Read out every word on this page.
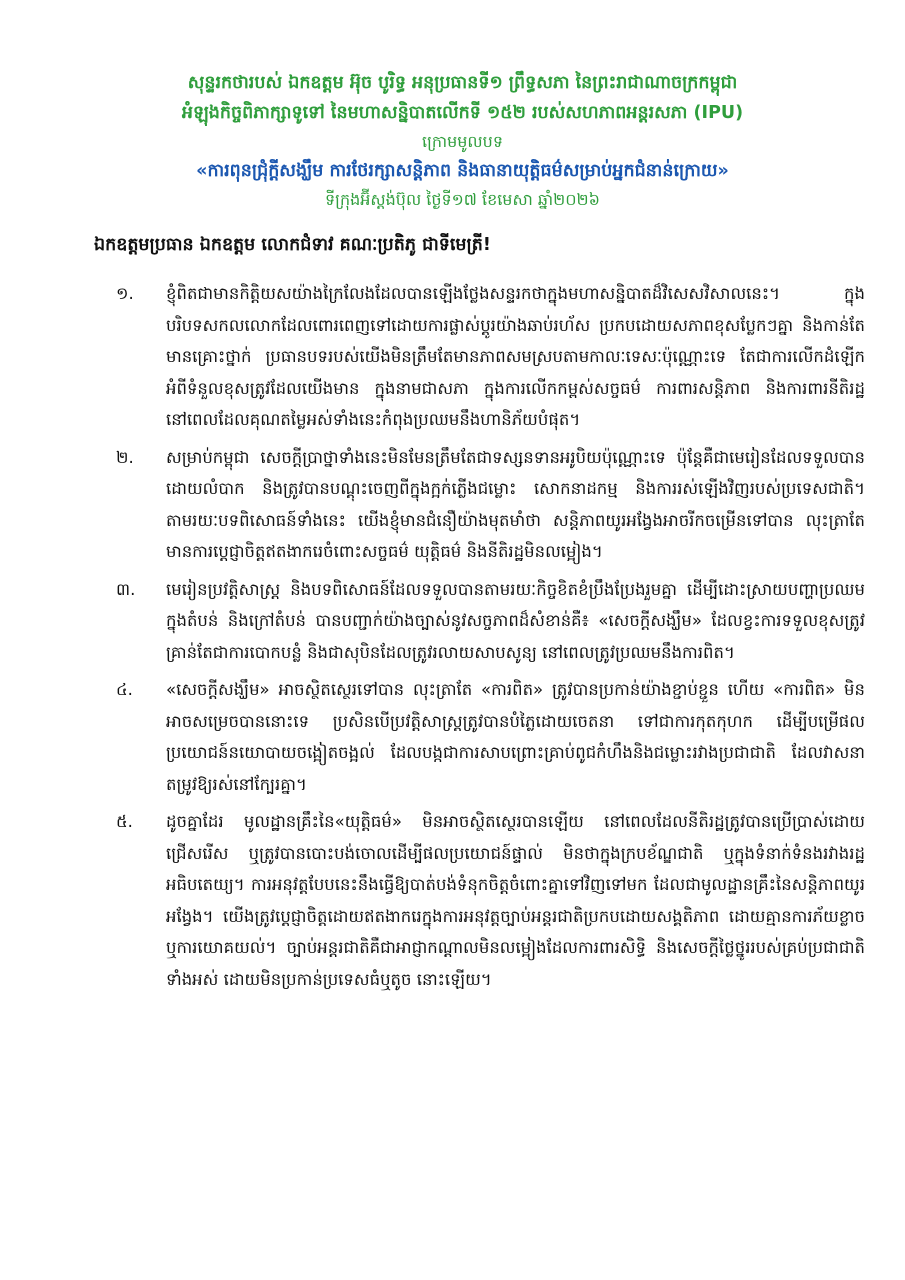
សុន្ទរកថារបស់ ឯកឧត្តម អ៊ុច បូរិទ្ធ អនុប្រធានទី១ ព្រឹទ្ធសភា នៃព្រះរាជាណាចក្រកម្ពុជា

អំឡុងកិច្ចពិភាក្សាទូទៅ នៃមហាសន្និបាតលើកទី ១៥២ របស់សហភាពអន្តរសភា (IPU)

ក្រោមមូលបទ

«ការពុនជ្រុំក្តីសង្ឃឹម ការថែរក្សាសន្តិភាព និងធានាយុត្តិធម៌សម្រាប់អ្នកជំនាន់ក្រោយ»

ទីក្រុងអ៊ីស្តង់ប៊ុល ថ្ងៃទី១៧ ខែមេសា ឆ្នាំ២០២៦

ឯកឧត្តមប្រធាន ឯកឧត្តម លោកជំទាវ គណៈប្រតិភូ ជាទីមេត្រី!

១.	ខ្ញុំពិតជាមានកិត្តិយសយ៉ាងក្រៃលែងដែលបានឡើងថ្លែងសន្ទរកថាក្នុងមហាសន្និបាតដ៏វិសេសវិសាលនេះ។ ក្នុងបរិបទសកលលោកដែលពោរពេញទៅដោយការផ្លាស់ប្តូរយ៉ាងឆាប់រហ័ស ប្រកបដោយសភាពខុសប្លែកៗគ្នា និងកាន់តែមានគ្រោះថ្នាក់ ប្រធានបទរបស់យើងមិនត្រឹមតែមានភាពសមស្របតាមកាលៈទេសៈប៉ុណ្ណោះទេ តែជាការលើកដំឡើកអំពីទំនួលខុសត្រូវដែលយើងមាន ក្នុងនាមជាសភា ក្នុងការលើកកម្ពស់សច្ចធម៌ ការពារសន្តិភាព និងការពារនីតិរដ្ឋ នៅពេលដែលគុណតម្លៃអស់ទាំងនេះកំពុងប្រឈមនឹងហានិភ័យបំផុត។

២.	សម្រាប់កម្ពុជា សេចក្តីប្រាថ្នាទាំងនេះមិនមែនត្រឹមតែជាទស្សនទានអរូបិយប៉ុណ្ណោះទេ ប៉ុន្តែគឺជាមេរៀនដែលទទួលបានដោយលំបាក និងត្រូវបានបណ្តុះចេញពីក្នុងក្អក់ភ្លើងជម្លោះ សោកនាដកម្ម និងការរស់ឡើងវិញរបស់ប្រទេសជាតិ។ តាមរយៈបទពិសោធន៍ទាំងនេះ យើងខ្ញុំមានជំនឿយ៉ាងមុតមាំថា សន្តិភាពយូរអង្វែងអាចរីកចម្រើនទៅបាន លុះត្រាតែមានការប្តេជ្ញាចិត្តឥតងាករេចំពោះសច្ចធម៌ យុត្តិធម៌ និងនីតិរដ្ឋមិនលម្អៀង។

៣.	មេរៀនប្រវត្តិសាស្ត្រ និងបទពិសោធន៍ដែលទទួលបានតាមរយៈកិច្ចខិតខំប្រឹងប្រែងរួមគ្នា ដើម្បីដោះស្រាយបញ្ហាប្រឈមក្នុងតំបន់ និងក្រៅតំបន់ បានបញ្ជាក់យ៉ាងច្បាស់នូវសច្ចភាពដ៏សំខាន់គឺ៖ «សេចក្តីសង្ឃឹម» ដែលខ្វះការទទួលខុសត្រូវ គ្រាន់តែជាការបោកបន្លំ និងជាសុបិនដែលត្រូវរលាយសាបសូន្យ នៅពេលត្រូវប្រឈមនឹងការពិត។

៤.	«សេចក្តីសង្ឃឹម» អាចស្ថិតស្ថេរទៅបាន លុះត្រាតែ «ការពិត» ត្រូវបានប្រកាន់យ៉ាងខ្ជាប់ខ្ជួន ហើយ «ការពិត» មិនអាចសម្រេចបាននោះទេ ប្រសិនបើប្រវត្តិសាស្ត្រត្រូវបានបំភ្លៃដោយចេតនា ទៅជាការកុតកុហក ដើម្បីបម្រើផលប្រយោជន៍នយោបាយចង្អៀតចង្អល់ ដែលបង្កជាការសាបព្រោះគ្រាប់ពូជកំហឹងនិងជម្លោះរវាងប្រជាជាតិ ដែលវាសនាតម្រូវឱ្យរស់នៅក្បែរគ្នា។

៥.	ដូចគ្នាដែរ មូលដ្ឋានគ្រឹះនៃ«យុត្តិធម៌» មិនអាចស្ថិតស្ថេរបានឡើយ នៅពេលដែលនីតិរដ្ឋត្រូវបានប្រើប្រាស់ដោយជ្រើសរើស ឬត្រូវបានបោះបង់ចោលដើម្បីផលប្រយោជន៍ផ្ទាល់ មិនថាក្នុងក្របខ័ណ្ឌជាតិ ឬក្នុងទំនាក់ទំនងរវាងរដ្ឋអធិបតេយ្យ។ ការអនុវត្តបែបនេះនឹងធ្វើឱ្យបាត់បង់ទំនុកចិត្តចំពោះគ្នាទៅវិញទៅមក ដែលជាមូលដ្ឋានគ្រឹះនៃសន្តិភាពយូរអង្វែង។ យើងត្រូវប្តេជ្ញាចិត្តដោយឥតងាករេក្នុងការអនុវត្តច្បាប់អន្តរជាតិប្រកបដោយសង្គតិភាព ដោយគ្មានការភ័យខ្លាច ឬការយោគយល់។ ច្បាប់អន្តរជាតិគឺជាអាជ្ញាកណ្តាលមិនលម្អៀងដែលការពារសិទ្ធិ និងសេចក្តីថ្លៃថ្នូររបស់គ្រប់ប្រជាជាតិទាំងអស់ ដោយមិនប្រកាន់ប្រទេសធំឬតូច នោះឡើយ។
